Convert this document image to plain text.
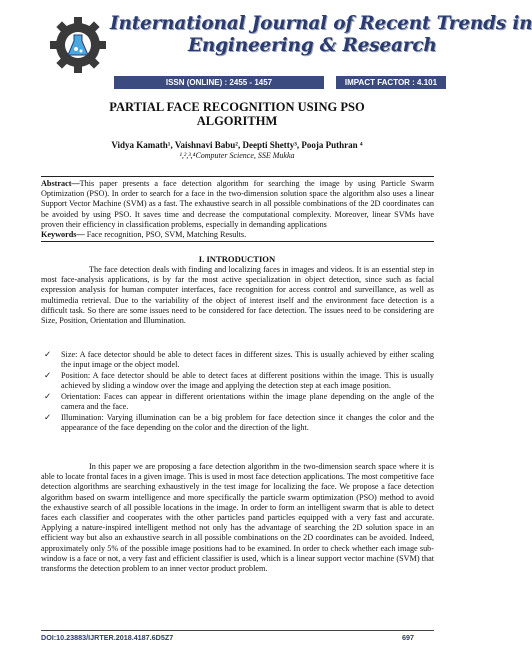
International Journal of Recent Trends in
Engineering & Research
ISSN (ONLINE) : 2455 - 1457	IMPACT FACTOR : 4.101
PARTIAL FACE RECOGNITION USING PSO
ALGORITHM
Vidya Kamath¹, Vaishnavi Babu², Deepti Shetty³, Pooja Puthran ⁴
¹,²,³,⁴Computer Science, SSE Mukka
Abstract—This paper presents a face detection algorithm for searching the image by using Particle Swarm Optimization (PSO). In order to search for a face in the two-dimension solution space the algorithm also uses a linear Support Vector Machine (SVM) as a fast. The exhaustive search in all possible combinations of the 2D coordinates can be avoided by using PSO. It saves time and decrease the computational complexity. Moreover, linear SVMs have proven their efficiency in classification problems, especially in demanding applications
Keywords— Face recognition, PSO, SVM, Matching Results.
I. INTRODUCTION
The face detection deals with finding and localizing faces in images and videos. It is an essential step in most face-analysis applications, is by far the most active specialization in object detection, since such as facial expression analysis for human computer interfaces, face recognition for access control and surveillance, as well as multimedia retrieval. Due to the variability of the object of interest itself and the environment face detection is a difficult task. So there are some issues need to be considered for face detection. The issues need to be considering are Size, Position, Orientation and Illumination.
✓ Size: A face detector should be able to detect faces in different sizes. This is usually achieved by either scaling the input image or the object model.
✓ Position: A face detector should be able to detect faces at different positions within the image. This is usually achieved by sliding a window over the image and applying the detection step at each image position.
✓ Orientation: Faces can appear in different orientations within the image plane depending on the angle of the camera and the face.
✓ Illumination: Varying illumination can be a big problem for face detection since it changes the color and the appearance of the face depending on the color and the direction of the light.
In this paper we are proposing a face detection algorithm in the two-dimension search space where it is able to locate frontal faces in a given image. This is used in most face detection applications. The most competitive face detection algorithms are searching exhaustively in the test image for localizing the face. We propose a face detection algorithm based on swarm intelligence and more specifically the particle swarm optimization (PSO) method to avoid the exhaustive search of all possible locations in the image. In order to form an intelligent swarm that is able to detect faces each classifier and cooperates with the other particles pand particles equipped with a very fast and accurate. Applying a nature-inspired intelligent method not only has the advantage of searching the 2D solution space in an efficient way but also an exhaustive search in all possible combinations on the 2D coordinates can be avoided. Indeed, approximately only 5% of the possible image positions had to be examined. In order to check whether each image sub-window is a face or not, a very fast and efficient classifier is used, which is a linear support vector machine (SVM) that transforms the detection problem to an inner vector product problem.
DOI:10.23883/IJRTER.2018.4187.6D5Z7	697
